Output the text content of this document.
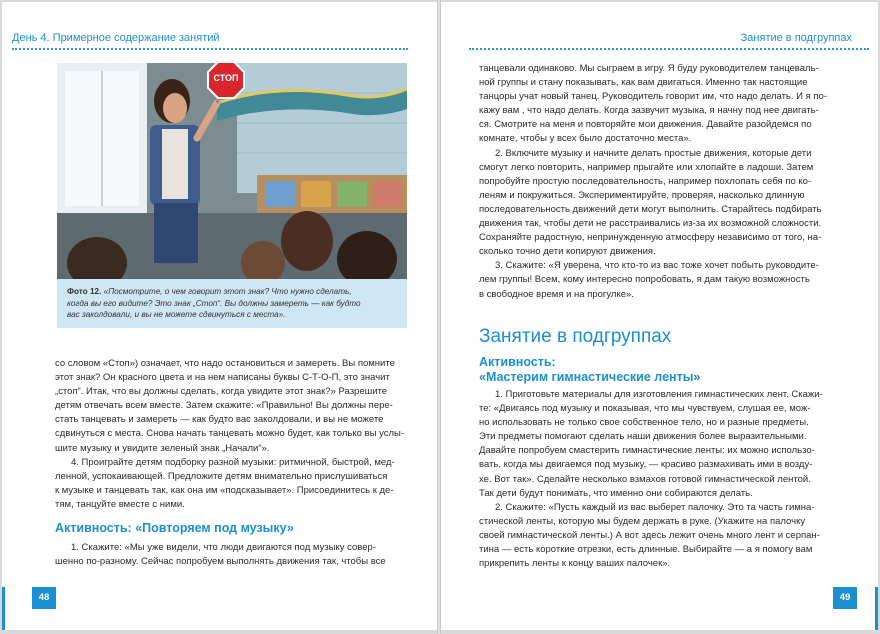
День 4. Примерное содержание занятий
СТОП

Фото 12. «Посмотрите, о чем говорит этот знак? Что нужно сделать,

когда вы его видите? Это знак „Стоп“. Вы должны замереть — как будто

вас заколдовали, и вы не можете сдвинуться с места».

со словом «Стоп») означает, что надо остановиться и замереть. Вы помните

этот знак? Он красного цвета и на нем написаны буквы С-Т-О-П, это значит

„стоп“. Итак, что вы должны сделать, когда увидите этот знак?» Разрешите

детям отвечать всем вместе. Затем скажите: «Правильно! Вы должны пере-

стать танцевать и замереть — как будто вас заколдовали, и вы не можете

сдвинуться с места. Снова начать танцевать можно будет, как только вы услы-

шите музыку и увидите зеленый знак „Начали“».

4. Проиграйте детям подборку разной музыки: ритмичной, быстрой, мед-

ленной, успокаивающей. Предложите детям внимательно прислушиваться

к музыке и танцевать так, как она им «подсказывает». Присоединитесь к де-

тям, танцуйте вместе с ними.

Активность: «Повторяем под музыку»

1. Скажите: «Мы уже видели, что люди двигаются под музыку совер-

шенно по-разному. Сейчас попробуем выполнять движения так, чтобы все

48
Занятие в подгруппах

танцевали одинаково. Мы сыграем в игру. Я буду руководителем танцеваль-

ной группы и стану показывать, как вам двигаться. Именно так настоящие

танцоры учат новый танец. Руководитель говорит им, что надо делать. И я по-

кажу вам , что надо делать. Когда зазвучит музыка, я начну под нее двигать-

ся. Смотрите на меня и повторяйте мои движения. Давайте разойдемся по

комнате, чтобы у всех было достаточно места».

2. Включите музыку и начните делать простые движения, которые дети

смогут легко повторить, например прыгайте или хлопайте в ладоши. Затем

попробуйте простую последовательность, например похлопать себя по ко-

леням и покружиться. Экспериментируйте, проверяя, насколько длинную

последовательность движений дети могут выполнить. Старайтесь подбирать

движения так, чтобы дети не расстраивались из-за их возможной сложности.

Сохраняйте радостную, непринужденную атмосферу независимо от того, на-

сколько точно дети копируют движения.

3. Скажите: «Я уверена, что кто-то из вас тоже хочет побыть руководите-

лем группы! Всем, кому интересно попробовать, я дам такую возможность

в свободное время и на прогулке».

Занятие в подгруппах

Активность:

«Мастерим гимнастические ленты»

1. Приготовьте материалы для изготовления гимнастических лент. Скажи-

те: «Двигаясь под музыку и показывая, что мы чувствуем, слушая ее, мож-

но использовать не только свое собственное тело, но и разные предметы.

Эти предметы помогают сделать наши движения более выразительными.

Давайте попробуем смастерить гимнастические ленты: их можно использо-

вать, когда мы двигаемся под музыку, — красиво размахивать ими в возду-

хе. Вот так». Сделайте несколько взмахов готовой гимнастической лентой.

Так дети будут понимать, что именно они собираются делать.

2. Скажите: «Пусть каждый из вас выберет палочку. Это та часть гимна-

стической ленты, которую мы будем держать в руке. (Укажите на палочку

своей гимнастической ленты.) А вот здесь лежит очень много лент и серпан-

тина — есть короткие отрезки, есть длинные. Выбирайте — а я помогу вам

прикрепить ленты к концу ваших палочек».

49
